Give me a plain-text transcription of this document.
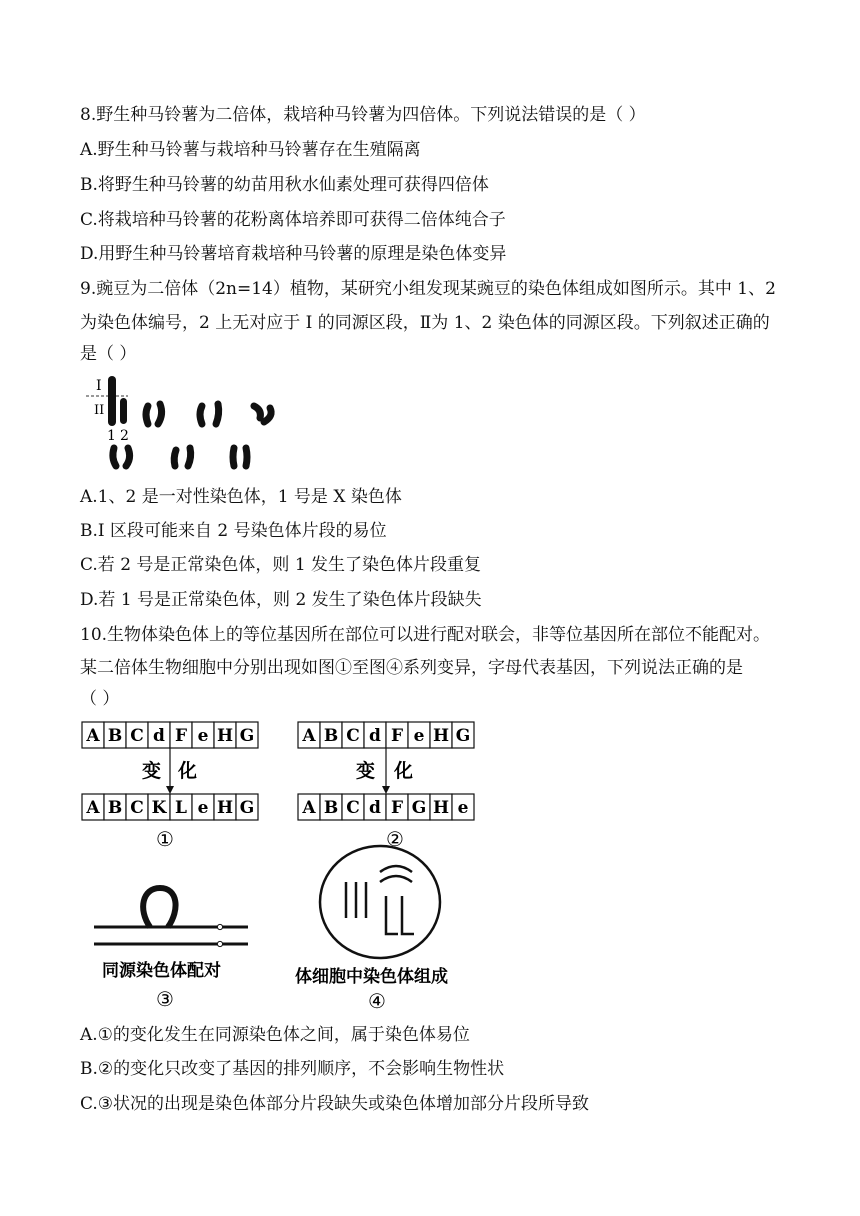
8.野生种马铃薯为二倍体，栽培种马铃薯为四倍体。下列说法错误的是（ ）
A.野生种马铃薯与栽培种马铃薯存在生殖隔离
B.将野生种马铃薯的幼苗用秋水仙素处理可获得四倍体
C.将栽培种马铃薯的花粉离体培养即可获得二倍体纯合子
D.用野生种马铃薯培育栽培种马铃薯的原理是染色体变异
9.豌豆为二倍体（2n=14）植物，某研究小组发现某豌豆的染色体组成如图所示。其中 1、2
为染色体编号，2 上无对应于 I 的同源区段，Ⅱ为 1、2 染色体的同源区段。下列叙述正确的
是（ ）
I
II
1 2
A.1、2 是一对性染色体，1 号是 X 染色体
B.I 区段可能来自 2 号染色体片段的易位
C.若 2 号是正常染色体，则 1 发生了染色体片段重复
D.若 1 号是正常染色体，则 2 发生了染色体片段缺失
10.生物体染色体上的等位基因所在部位可以进行配对联会，非等位基因所在部位不能配对。
某二倍体生物细胞中分别出现如图①至图④系列变异，字母代表基因，下列说法正确的是
（ ）
A B C d F e H G
变 化
A B C K L e H G
①
A B C d F e H G
变 化
A B C d F G H e
②
同源染色体配对
③
体细胞中染色体组成
④
A.①的变化发生在同源染色体之间，属于染色体易位
B.②的变化只改变了基因的排列顺序，不会影响生物性状
C.③状况的出现是染色体部分片段缺失或染色体增加部分片段所导致
